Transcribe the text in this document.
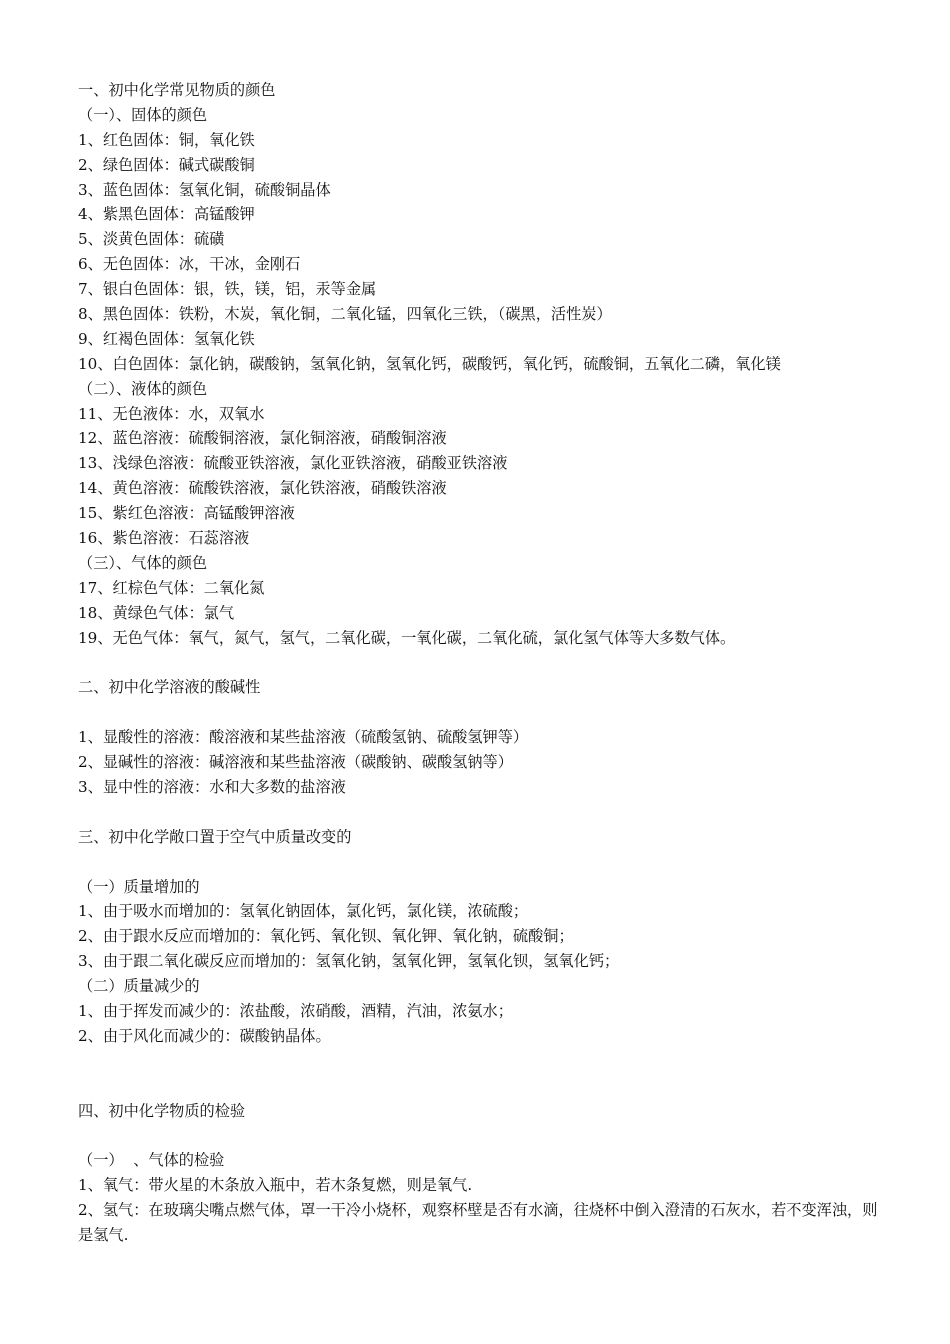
一、初中化学常见物质的颜色
（一）、固体的颜色
1、红色固体：铜，氧化铁
2、绿色固体：碱式碳酸铜
3、蓝色固体：氢氧化铜，硫酸铜晶体
4、紫黑色固体：高锰酸钾
5、淡黄色固体：硫磺
6、无色固体：冰，干冰，金刚石
7、银白色固体：银，铁，镁，铝，汞等金属
8、黑色固体：铁粉，木炭，氧化铜，二氧化锰，四氧化三铁，（碳黑，活性炭）
9、红褐色固体：氢氧化铁
10、白色固体：氯化钠，碳酸钠，氢氧化钠，氢氧化钙，碳酸钙，氧化钙，硫酸铜，五氧化二磷，氧化镁
（二）、液体的颜色
11、无色液体：水，双氧水
12、蓝色溶液：硫酸铜溶液，氯化铜溶液，硝酸铜溶液
13、浅绿色溶液：硫酸亚铁溶液，氯化亚铁溶液，硝酸亚铁溶液
14、黄色溶液：硫酸铁溶液，氯化铁溶液，硝酸铁溶液
15、紫红色溶液：高锰酸钾溶液
16、紫色溶液：石蕊溶液
（三）、气体的颜色
17、红棕色气体：二氧化氮
18、黄绿色气体：氯气
19、无色气体：氧气，氮气，氢气，二氧化碳，一氧化碳，二氧化硫，氯化氢气体等大多数气体。
二、初中化学溶液的酸碱性
1、显酸性的溶液：酸溶液和某些盐溶液（硫酸氢钠、硫酸氢钾等）
2、显碱性的溶液：碱溶液和某些盐溶液（碳酸钠、碳酸氢钠等）
3、显中性的溶液：水和大多数的盐溶液
三、初中化学敞口置于空气中质量改变的
（一）质量增加的
1、由于吸水而增加的：氢氧化钠固体，氯化钙，氯化镁，浓硫酸；
2、由于跟水反应而增加的：氧化钙、氧化钡、氧化钾、氧化钠，硫酸铜；
3、由于跟二氧化碳反应而增加的：氢氧化钠，氢氧化钾，氢氧化钡，氢氧化钙；
（二）质量减少的
1、由于挥发而减少的：浓盐酸，浓硝酸，酒精，汽油，浓氨水；
2、由于风化而减少的：碳酸钠晶体。
四、初中化学物质的检验
（一）  、气体的检验
1、氧气：带火星的木条放入瓶中，若木条复燃，则是氧气.
2、氢气：在玻璃尖嘴点燃气体，罩一干冷小烧杯，观察杯壁是否有水滴，往烧杯中倒入澄清的石灰水，若不变浑浊，则是氢气.
